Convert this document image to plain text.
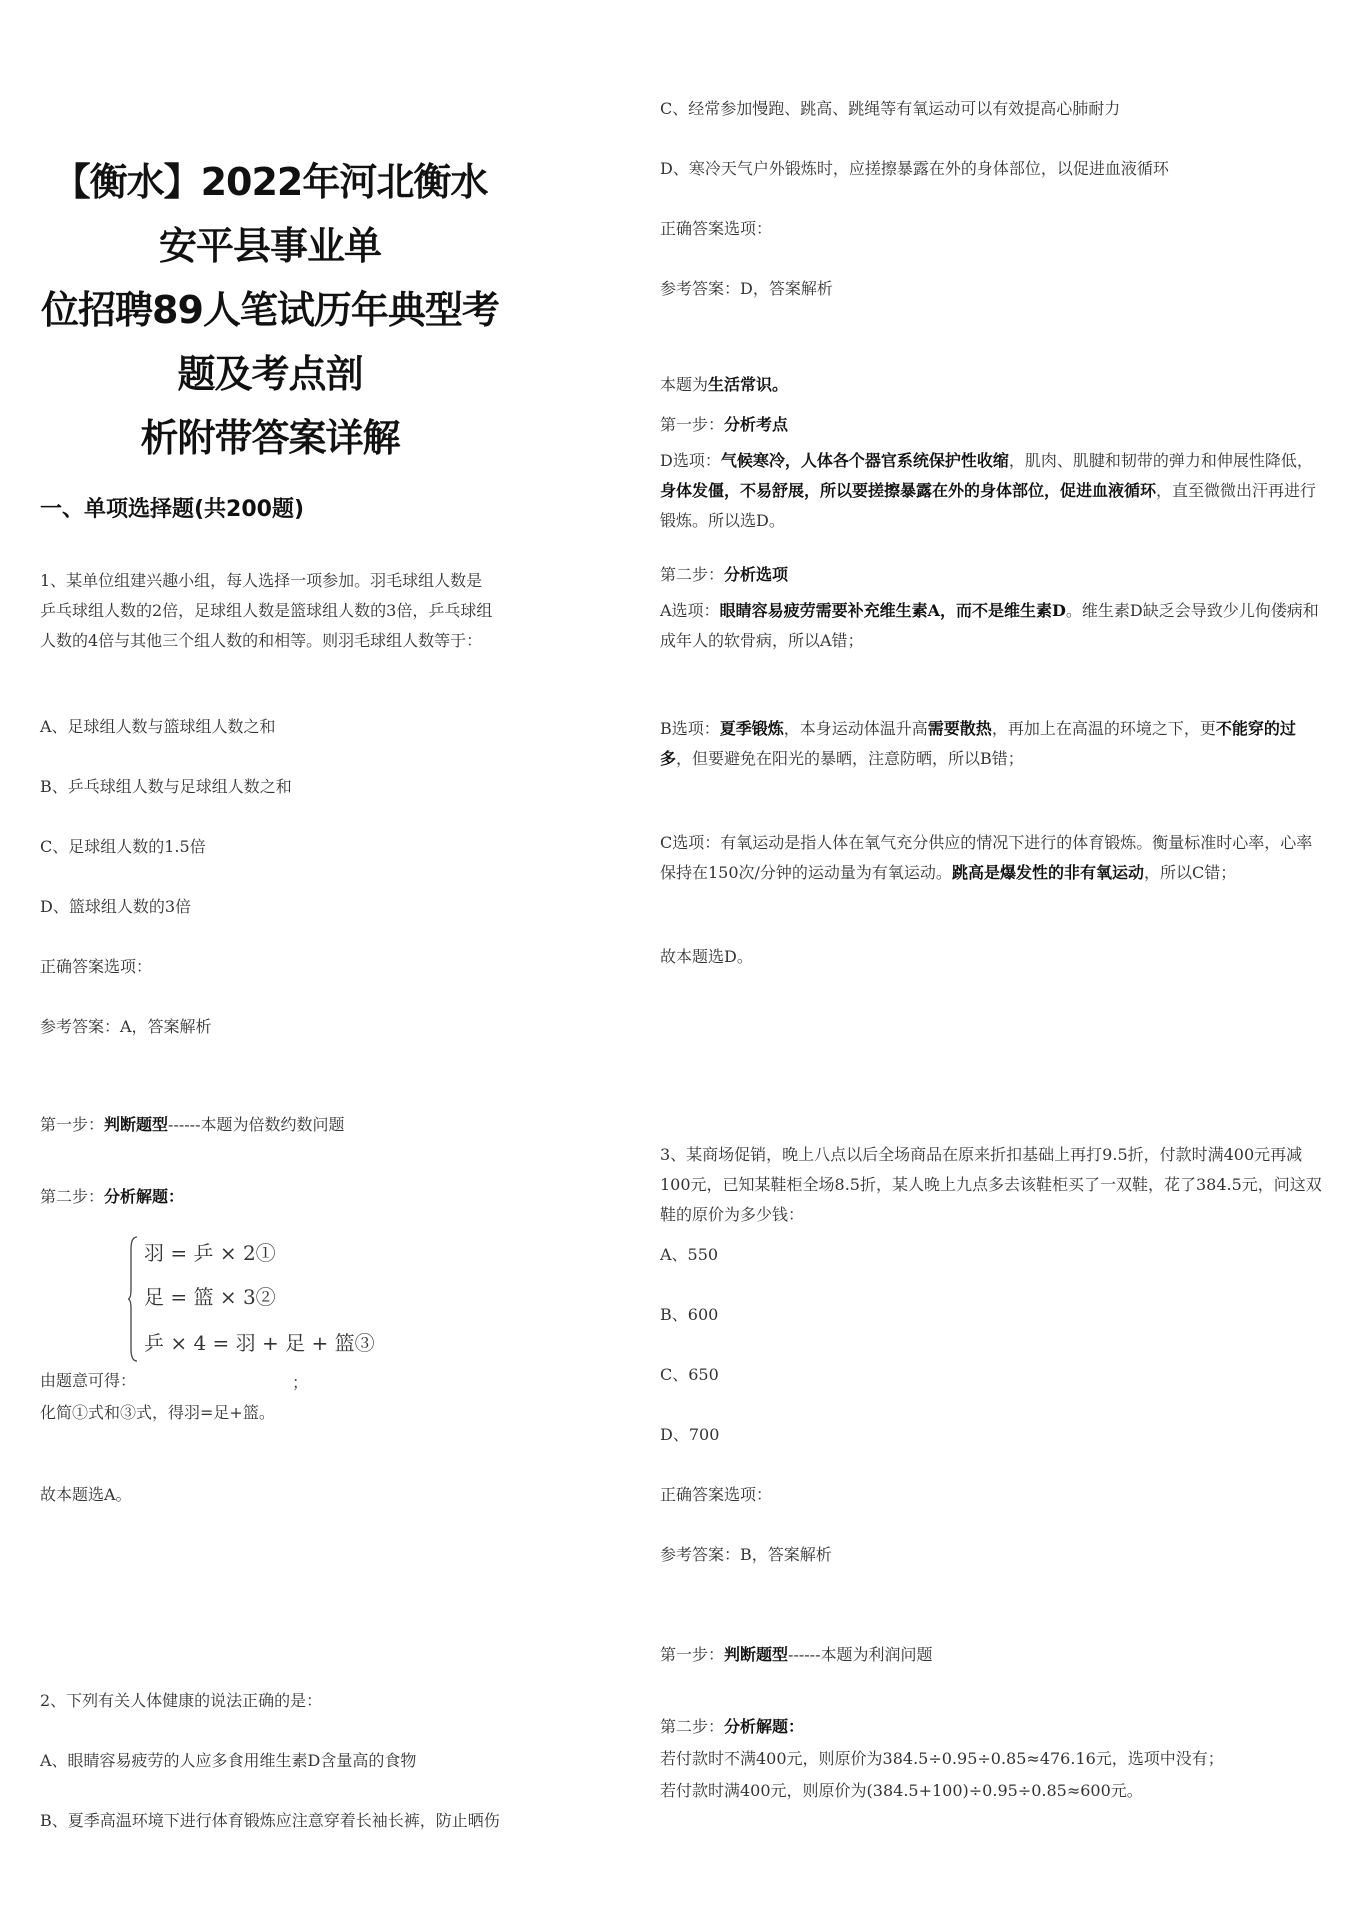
【衡水】2022年河北衡水安平县事业单
位招聘89人笔试历年典型考题及考点剖
析附带答案详解
一、单项选择题(共200题)
1、某单位组建兴趣小组，每人选择一项参加。羽毛球组人数是乒乓球组人数的2倍，足球组人数是篮球组人数的3倍，乒乓球组人数的4倍与其他三个组人数的和相等。则羽毛球组人数等于：
A、足球组人数与篮球组人数之和
B、乒乓球组人数与足球组人数之和
C、足球组人数的1.5倍
D、篮球组人数的3倍
正确答案选项：
参考答案：A，答案解析
第一步：判断题型------本题为倍数约数问题
第二步：分析解题：
羽 = 乒 × 2①
足 = 篮 × 3②
乒 × 4 = 羽 + 足 + 篮③
由题意可得：	；
化简①式和③式，得羽=足+篮。
故本题选A。
2、下列有关人体健康的说法正确的是：
A、眼睛容易疲劳的人应多食用维生素D含量高的食物
B、夏季高温环境下进行体育锻炼应注意穿着长袖长裤，防止晒伤
C、经常参加慢跑、跳高、跳绳等有氧运动可以有效提高心肺耐力
D、寒冷天气户外锻炼时，应搓擦暴露在外的身体部位，以促进血液循环
正确答案选项：
参考答案：D，答案解析
本题为生活常识。
第一步：分析考点
D选项：气候寒冷，人体各个器官系统保护性收缩，肌肉、肌腱和韧带的弹力和伸展性降低，身体发僵，不易舒展，所以要搓擦暴露在外的身体部位，促进血液循环，直至微微出汗再进行锻炼。所以选D。
第二步：分析选项
A选项：眼睛容易疲劳需要补充维生素A，而不是维生素D。维生素D缺乏会导致少儿佝偻病和成年人的软骨病，所以A错；
B选项：夏季锻炼，本身运动体温升高需要散热，再加上在高温的环境之下，更不能穿的过多，但要避免在阳光的暴晒，注意防晒，所以B错；
C选项：有氧运动是指人体在氧气充分供应的情况下进行的体育锻炼。衡量标准时心率，心率保持在150次/分钟的运动量为有氧运动。跳高是爆发性的非有氧运动，所以C错；
故本题选D。
3、某商场促销，晚上八点以后全场商品在原来折扣基础上再打9.5折，付款时满400元再减100元，已知某鞋柜全场8.5折，某人晚上九点多去该鞋柜买了一双鞋，花了384.5元，问这双鞋的原价为多少钱：
A、550
B、600
C、650
D、700
正确答案选项：
参考答案：B，答案解析
第一步：判断题型------本题为利润问题
第二步：分析解题：
若付款时不满400元，则原价为384.5÷0.95÷0.85≈476.16元，选项中没有；
若付款时满400元，则原价为(384.5+100)÷0.95÷0.85≈600元。
